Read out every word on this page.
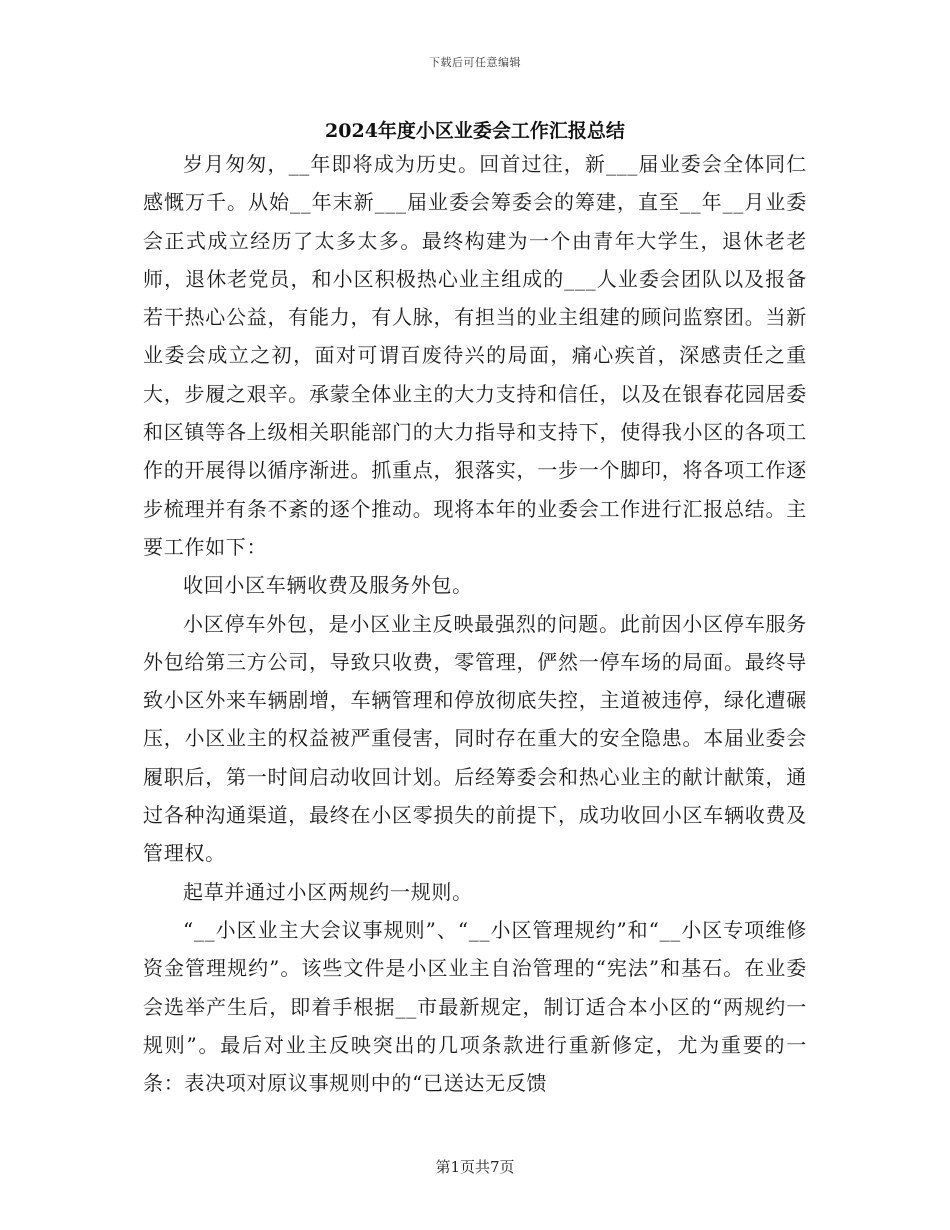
下载后可任意编辑
2024年度小区业委会工作汇报总结

岁月匆匆，__年即将成为历史。回首过往，新___届业委会全体同仁感慨万千。从始__年末新___届业委会筹委会的筹建，直至__年__月业委会正式成立经历了太多太多。最终构建为一个由青年大学生，退休老老师，退休老党员，和小区积极热心业主组成的___人业委会团队以及报备若干热心公益，有能力，有人脉，有担当的业主组建的顾问监察团。当新业委会成立之初，面对可谓百废待兴的局面，痛心疾首，深感责任之重大，步履之艰辛。承蒙全体业主的大力支持和信任，以及在银春花园居委和区镇等各上级相关职能部门的大力指导和支持下，使得我小区的各项工作的开展得以循序渐进。抓重点，狠落实，一步一个脚印，将各项工作逐步梳理并有条不紊的逐个推动。现将本年的业委会工作进行汇报总结。主要工作如下：

收回小区车辆收费及服务外包。

小区停车外包，是小区业主反映最强烈的问题。此前因小区停车服务外包给第三方公司，导致只收费，零管理，俨然一停车场的局面。最终导致小区外来车辆剧增，车辆管理和停放彻底失控，主道被违停，绿化遭碾压，小区业主的权益被严重侵害，同时存在重大的安全隐患。本届业委会履职后，第一时间启动收回计划。后经筹委会和热心业主的献计献策，通过各种沟通渠道，最终在小区零损失的前提下，成功收回小区车辆收费及管理权。

起草并通过小区两规约一规则。

“__小区业主大会议事规则”、“__小区管理规约”和“__小区专项维修资金管理规约”。该些文件是小区业主自治管理的“宪法”和基石。在业委会选举产生后，即着手根据__市最新规定，制订适合本小区的“两规约一规则”。最后对业主反映突出的几项条款进行重新修定，尤为重要的一条：表决项对原议事规则中的“已送达无反馈

第1页共7页
